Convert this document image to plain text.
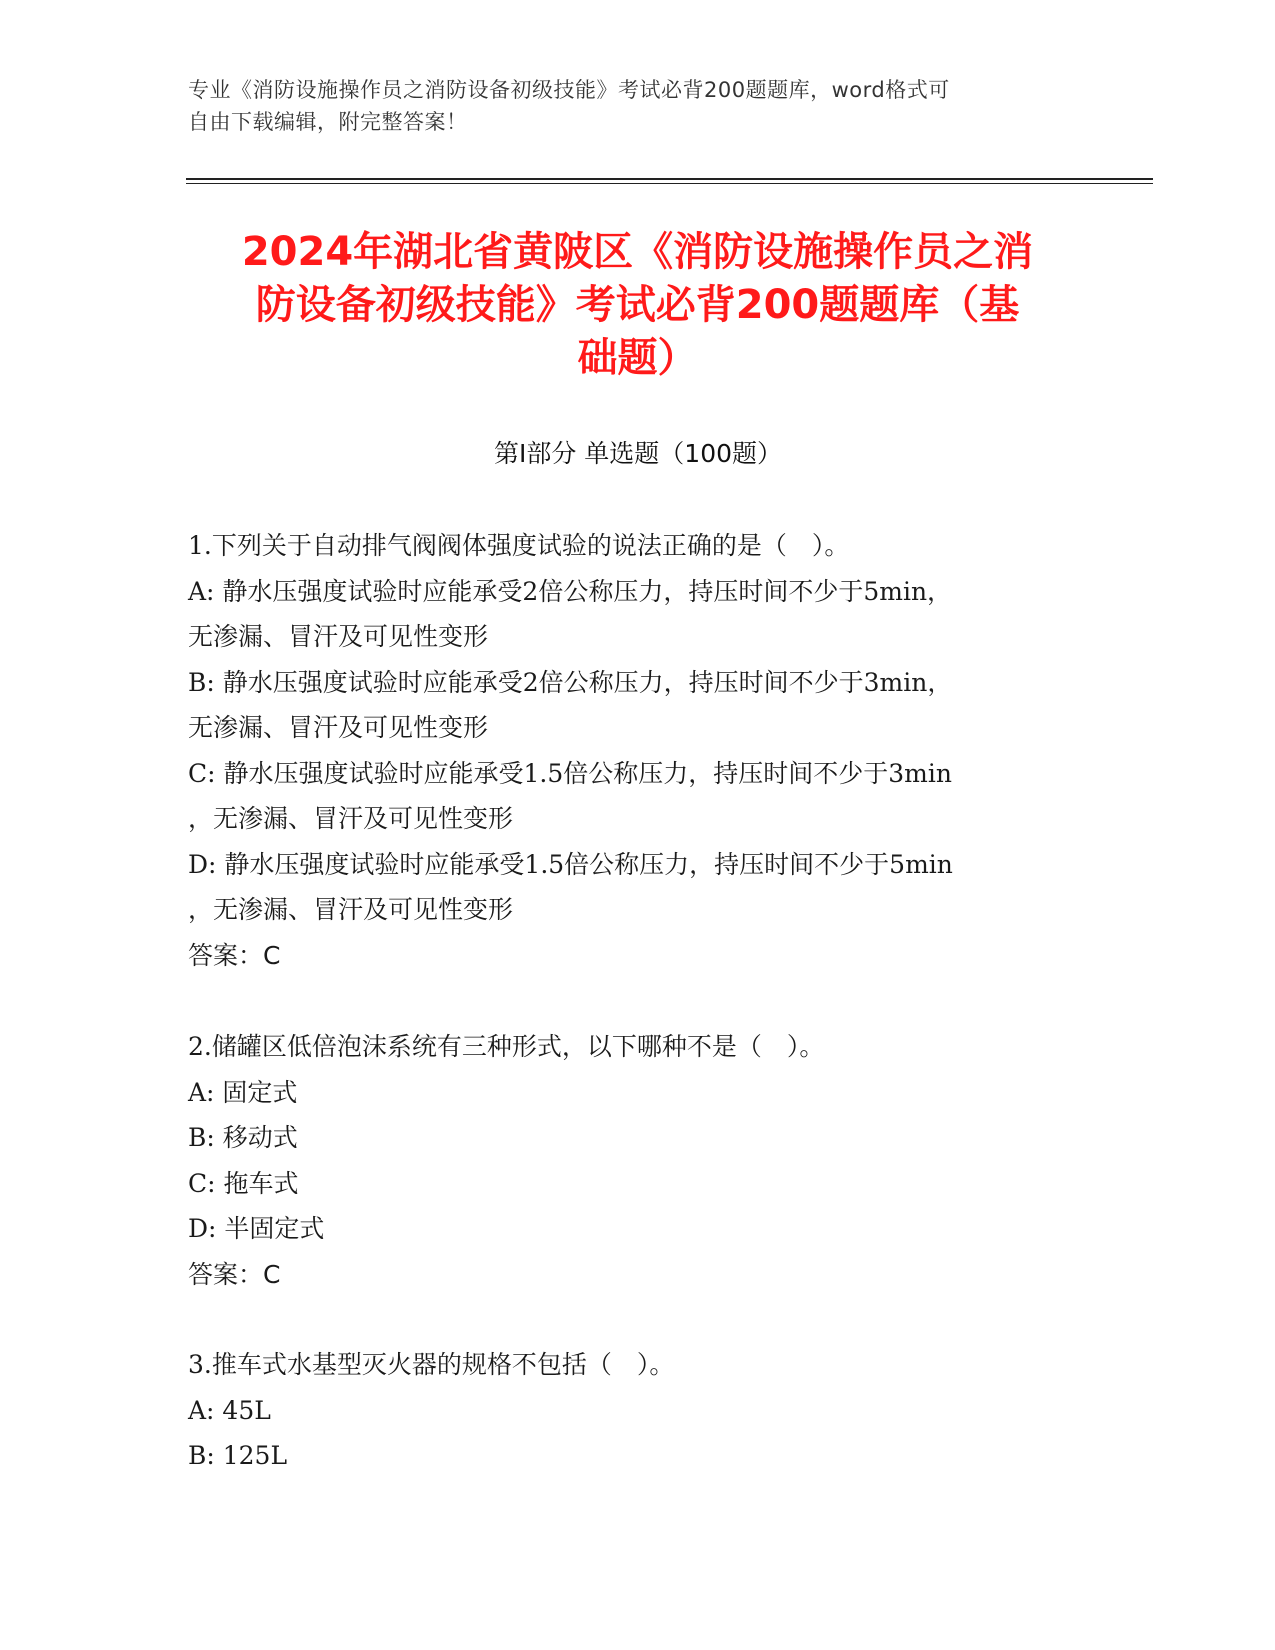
专业《消防设施操作员之消防设备初级技能》考试必背200题题库，word格式可
自由下载编辑，附完整答案！
2024年湖北省黄陂区《消防设施操作员之消
防设备初级技能》考试必背200题题库（基
础题）
第Ⅰ部分 单选题（100题）
1.下列关于自动排气阀阀体强度试验的说法正确的是（　）。
A: 静水压强度试验时应能承受2倍公称压力，持压时间不少于5min，
无渗漏、冒汗及可见性变形
B: 静水压强度试验时应能承受2倍公称压力，持压时间不少于3min，
无渗漏、冒汗及可见性变形
C: 静水压强度试验时应能承受1.5倍公称压力，持压时间不少于3min
，无渗漏、冒汗及可见性变形
D: 静水压强度试验时应能承受1.5倍公称压力，持压时间不少于5min
，无渗漏、冒汗及可见性变形
答案：C
2.储罐区低倍泡沫系统有三种形式，以下哪种不是（　）。
A: 固定式
B: 移动式
C: 拖车式
D: 半固定式
答案：C
3.推车式水基型灭火器的规格不包括（　）。
A: 45L
B: 125L
